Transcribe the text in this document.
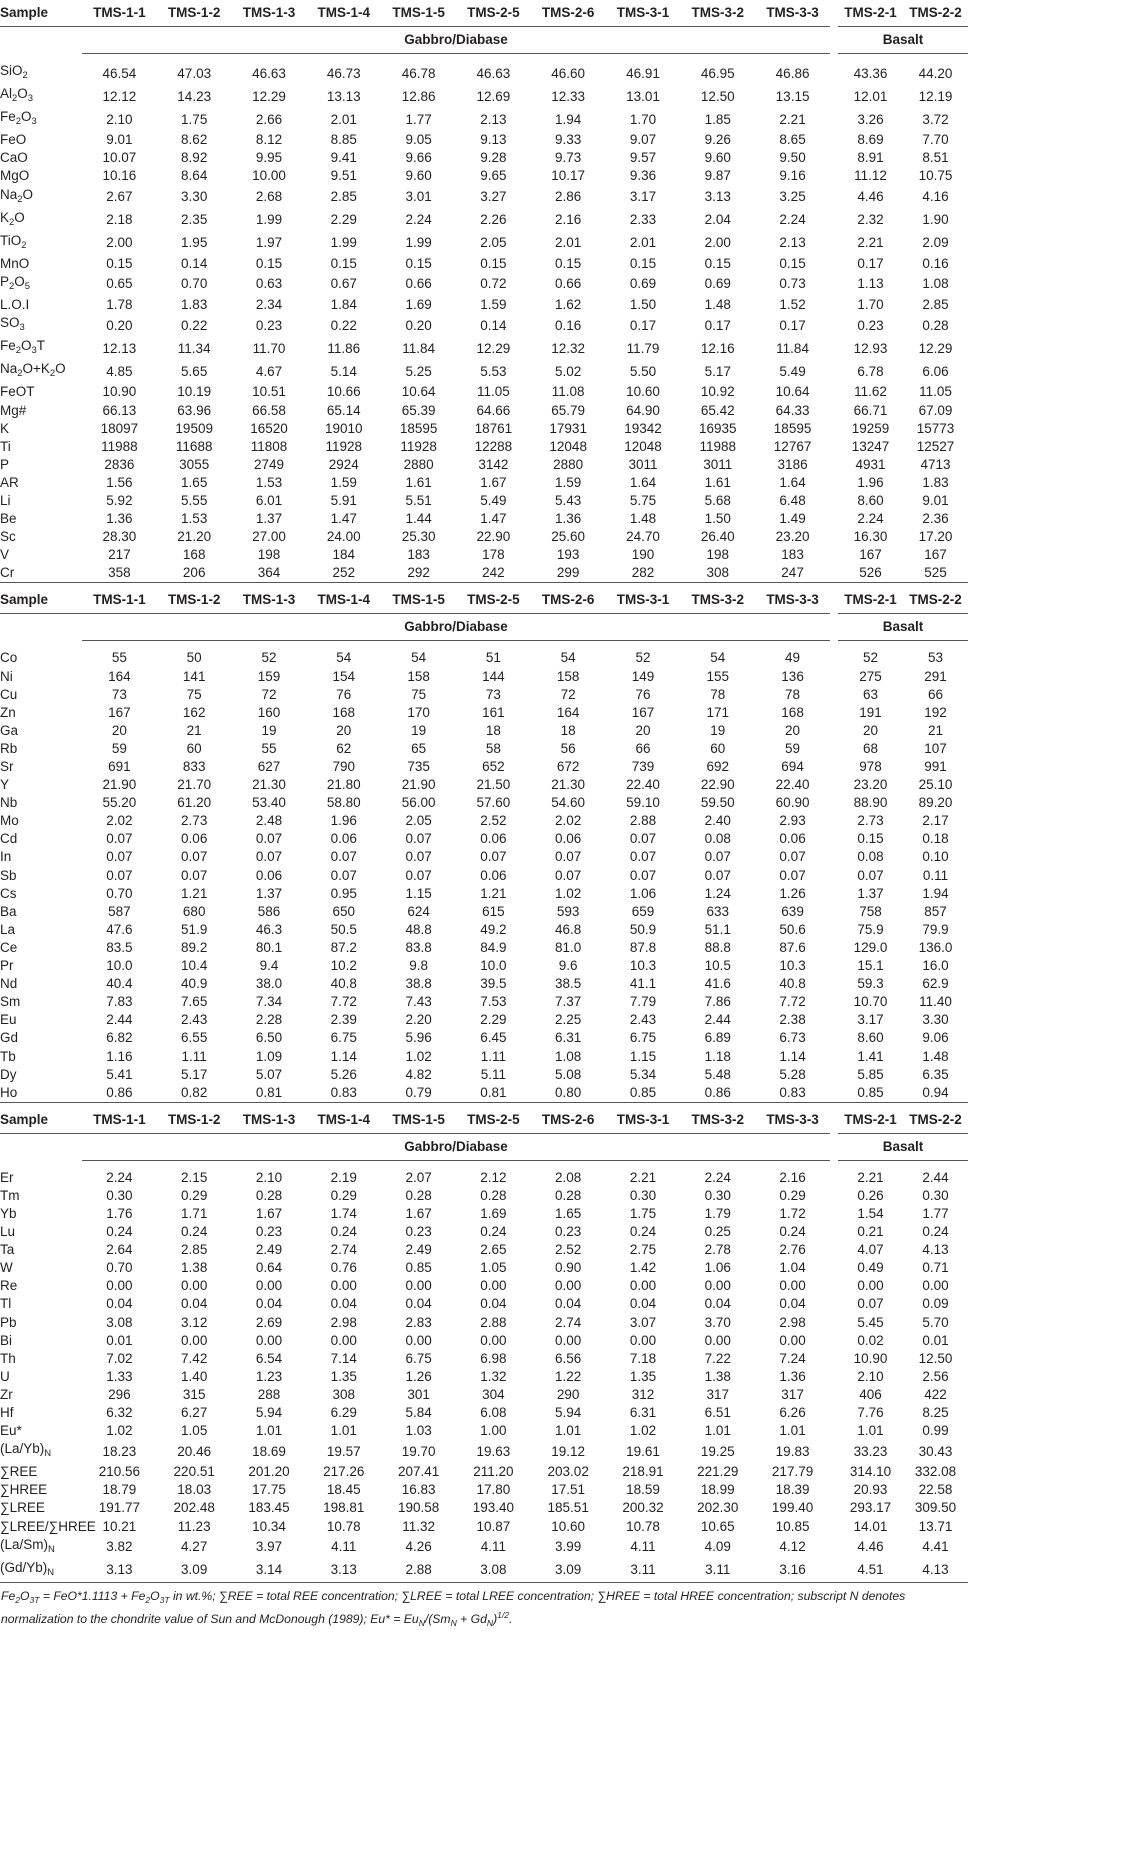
Sample	TMS-1-1	TMS-1-2	TMS-1-3	TMS-1-4	TMS-1-5	TMS-2-5	TMS-2-6	TMS-3-1	TMS-3-2	TMS-3-3		TMS-2-1	TMS-2-2
	Gabbro/Diabase											Basalt	

SiO$_2$	46.54	47.03	46.63	46.73	46.78	46.63	46.60	46.91	46.95	46.86		43.36	44.20
$Al_2O_3$	12.12	14.23	12.29	13.13	12.86	12.69	12.33	13.01	12.50	13.15		12.01	12.19
$Fe_2O_3$	2.10	1.75	2.66	2.01	1.77	2.13	1.94	1.70	1.85	2.21		3.26	3.72
FeO	9.01	8.62	8.12	8.85	9.05	9.13	9.33	9.07	9.26	8.65		8.69	7.70
CaO	10.07	8.92	9.95	9.41	9.66	9.28	9.73	9.57	9.60	9.50		8.91	8.51
MgO	10.16	8.64	10.00	9.51	9.60	9.65	10.17	9.36	9.87	9.16		11.12	10.75
$Na_2O$	2.67	3.30	2.68	2.85	3.01	3.27	2.86	3.17	3.13	3.25		4.46	4.16
$K_2O$	2.18	2.35	1.99	2.29	2.24	2.26	2.16	2.33	2.04	2.24		2.32	1.90
TiO$_2$	2.00	1.95	1.97	1.99	1.99	2.05	2.01	2.01	2.00	2.13		2.21	2.09
MnO	0.15	0.14	0.15	0.15	0.15	0.15	0.15	0.15	0.15	0.15		0.17	0.16
$P_2O_5$	0.65	0.70	0.63	0.67	0.66	0.72	0.66	0.69	0.69	0.73		1.13	1.08
L.O.I	1.78	1.83	2.34	1.84	1.69	1.59	1.62	1.50	1.48	1.52		1.70	2.85
$SO_3$	0.20	0.22	0.23	0.22	0.20	0.14	0.16	0.17	0.17	0.17		0.23	0.28
$Fe_2O_3T$	12.13	11.34	11.70	11.86	11.84	12.29	12.32	11.79	12.16	11.84		12.93	12.29
$Na_2O+K_2O$	4.85	5.65	4.67	5.14	5.25	5.53	5.02	5.50	5.17	5.49		6.78	6.06
FeOT	10.90	10.19	10.51	10.66	10.64	11.05	11.08	10.60	10.92	10.64		11.62	11.05
Mg#	66.13	63.96	66.58	65.14	65.39	64.66	65.79	64.90	65.42	64.33		66.71	67.09
K	18097	19509	16520	19010	18595	18761	17931	19342	16935	18595		19259	15773
Ti	11988	11688	11808	11928	11928	12288	12048	12048	11988	12767		13247	12527
P	2836	3055	2749	2924	2880	3142	2880	3011	3011	3186		4931	4713
AR	1.56	1.65	1.53	1.59	1.61	1.67	1.59	1.64	1.61	1.64		1.96	1.83
Li	5.92	5.55	6.01	5.91	5.51	5.49	5.43	5.75	5.68	6.48		8.60	9.01
Be	1.36	1.53	1.37	1.47	1.44	1.47	1.36	1.48	1.50	1.49		2.24	2.36
Sc	28.30	21.20	27.00	24.00	25.30	22.90	25.60	24.70	26.40	23.20		16.30	17.20
V	217	168	198	184	183	178	193	190	198	183		167	167
Cr	358	206	364	252	292	242	299	282	308	247		526	525
Sample	TMS-1-1	TMS-1-2	TMS-1-3	TMS-1-4	TMS-1-5	TMS-2-5	TMS-2-6	TMS-3-1	TMS-3-2	TMS-3-3		TMS-2-1	TMS-2-2
	Gabbro/Diabase											Basalt	

Co	55	50	52	54	54	51	54	52	54	49		52	53
Ni	164	141	159	154	158	144	158	149	155	136		275	291
Cu	73	75	72	76	75	73	72	76	78	78		63	66
Zn	167	162	160	168	170	161	164	167	171	168		191	192
Ga	20	21	19	20	19	18	18	20	19	20		20	21
Rb	59	60	55	62	65	58	56	66	60	59		68	107
Sr	691	833	627	790	735	652	672	739	692	694		978	991
Y	21.90	21.70	21.30	21.80	21.90	21.50	21.30	22.40	22.90	22.40		23.20	25.10
Nb	55.20	61.20	53.40	58.80	56.00	57.60	54.60	59.10	59.50	60.90		88.90	89.20
Mo	2.02	2.73	2.48	1.96	2.05	2.52	2.02	2.88	2.40	2.93		2.73	2.17
Cd	0.07	0.06	0.07	0.06	0.07	0.06	0.06	0.07	0.08	0.06		0.15	0.18
In	0.07	0.07	0.07	0.07	0.07	0.07	0.07	0.07	0.07	0.07		0.08	0.10
Sb	0.07	0.07	0.06	0.07	0.07	0.06	0.07	0.07	0.07	0.07		0.07	0.11
Cs	0.70	1.21	1.37	0.95	1.15	1.21	1.02	1.06	1.24	1.26		1.37	1.94
Ba	587	680	586	650	624	615	593	659	633	639		758	857
La	47.6	51.9	46.3	50.5	48.8	49.2	46.8	50.9	51.1	50.6		75.9	79.9
Ce	83.5	89.2	80.1	87.2	83.8	84.9	81.0	87.8	88.8	87.6		129.0	136.0
Pr	10.0	10.4	9.4	10.2	9.8	10.0	9.6	10.3	10.5	10.3		15.1	16.0
Nd	40.4	40.9	38.0	40.8	38.8	39.5	38.5	41.1	41.6	40.8		59.3	62.9
Sm	7.83	7.65	7.34	7.72	7.43	7.53	7.37	7.79	7.86	7.72		10.70	11.40
Eu	2.44	2.43	2.28	2.39	2.20	2.29	2.25	2.43	2.44	2.38		3.17	3.30
Gd	6.82	6.55	6.50	6.75	5.96	6.45	6.31	6.75	6.89	6.73		8.60	9.06
Tb	1.16	1.11	1.09	1.14	1.02	1.11	1.08	1.15	1.18	1.14		1.41	1.48
Dy	5.41	5.17	5.07	5.26	4.82	5.11	5.08	5.34	5.48	5.28		5.85	6.35
Ho	0.86	0.82	0.81	0.83	0.79	0.81	0.80	0.85	0.86	0.83		0.85	0.94
Sample	TMS-1-1	TMS-1-2	TMS-1-3	TMS-1-4	TMS-1-5	TMS-2-5	TMS-2-6	TMS-3-1	TMS-3-2	TMS-3-3		TMS-2-1	TMS-2-2
	Gabbro/Diabase											Basalt	

Er	2.24	2.15	2.10	2.19	2.07	2.12	2.08	2.21	2.24	2.16		2.21	2.44
Tm	0.30	0.29	0.28	0.29	0.28	0.28	0.28	0.30	0.30	0.29		0.26	0.30
Yb	1.76	1.71	1.67	1.74	1.67	1.69	1.65	1.75	1.79	1.72		1.54	1.77
Lu	0.24	0.24	0.23	0.24	0.23	0.24	0.23	0.24	0.25	0.24		0.21	0.24
Ta	2.64	2.85	2.49	2.74	2.49	2.65	2.52	2.75	2.78	2.76		4.07	4.13
W	0.70	1.38	0.64	0.76	0.85	1.05	0.90	1.42	1.06	1.04		0.49	0.71
Re	0.00	0.00	0.00	0.00	0.00	0.00	0.00	0.00	0.00	0.00		0.00	0.00
Tl	0.04	0.04	0.04	0.04	0.04	0.04	0.04	0.04	0.04	0.04		0.07	0.09
Pb	3.08	3.12	2.69	2.98	2.83	2.88	2.74	3.07	3.70	2.98		5.45	5.70
Bi	0.01	0.00	0.00	0.00	0.00	0.00	0.00	0.00	0.00	0.00		0.02	0.01
Th	7.02	7.42	6.54	7.14	6.75	6.98	6.56	7.18	7.22	7.24		10.90	12.50
U	1.33	1.40	1.23	1.35	1.26	1.32	1.22	1.35	1.38	1.36		2.10	2.56
Zr	296	315	288	308	301	304	290	312	317	317		406	422
Hf	6.32	6.27	5.94	6.29	5.84	6.08	5.94	6.31	6.51	6.26		7.76	8.25
Eu*	1.02	1.05	1.01	1.01	1.03	1.00	1.01	1.02	1.01	1.01		1.01	0.99
$(La/Yb)_N$	18.23	20.46	18.69	19.57	19.70	19.63	19.12	19.61	19.25	19.83		33.23	30.43
∑REE	210.56	220.51	201.20	217.26	207.41	211.20	203.02	218.91	221.29	217.79		314.10	332.08
∑HREE	18.79	18.03	17.75	18.45	16.83	17.80	17.51	18.59	18.99	18.39		20.93	22.58
∑LREE	191.77	202.48	183.45	198.81	190.58	193.40	185.51	200.32	202.30	199.40		293.17	309.50
∑LREE/∑HREE	10.21	11.23	10.34	10.78	11.32	10.87	10.60	10.78	10.65	10.85		14.01	13.71
$(La/Sm)_N$	3.82	4.27	3.97	4.11	4.26	4.11	3.99	4.11	4.09	4.12		4.46	4.41
$(Gd/Yb)_N$	3.13	3.09	3.14	3.13	2.88	3.08	3.09	3.11	3.11	3.16		4.51	4.13
$Fe_2O_{3T} = FeO*1.1113 + Fe_2O_{3T}$ in wt.%; ∑REE = total REE concentration; ∑LREE = total LREE concentration; ∑HREE = total HREE concentration; subscript N denotes normalization to the chondrite value of Sun and McDonough (1989); $Eu* = Eu_N/(Sm_N + Gd_N)^{1/2}$.
